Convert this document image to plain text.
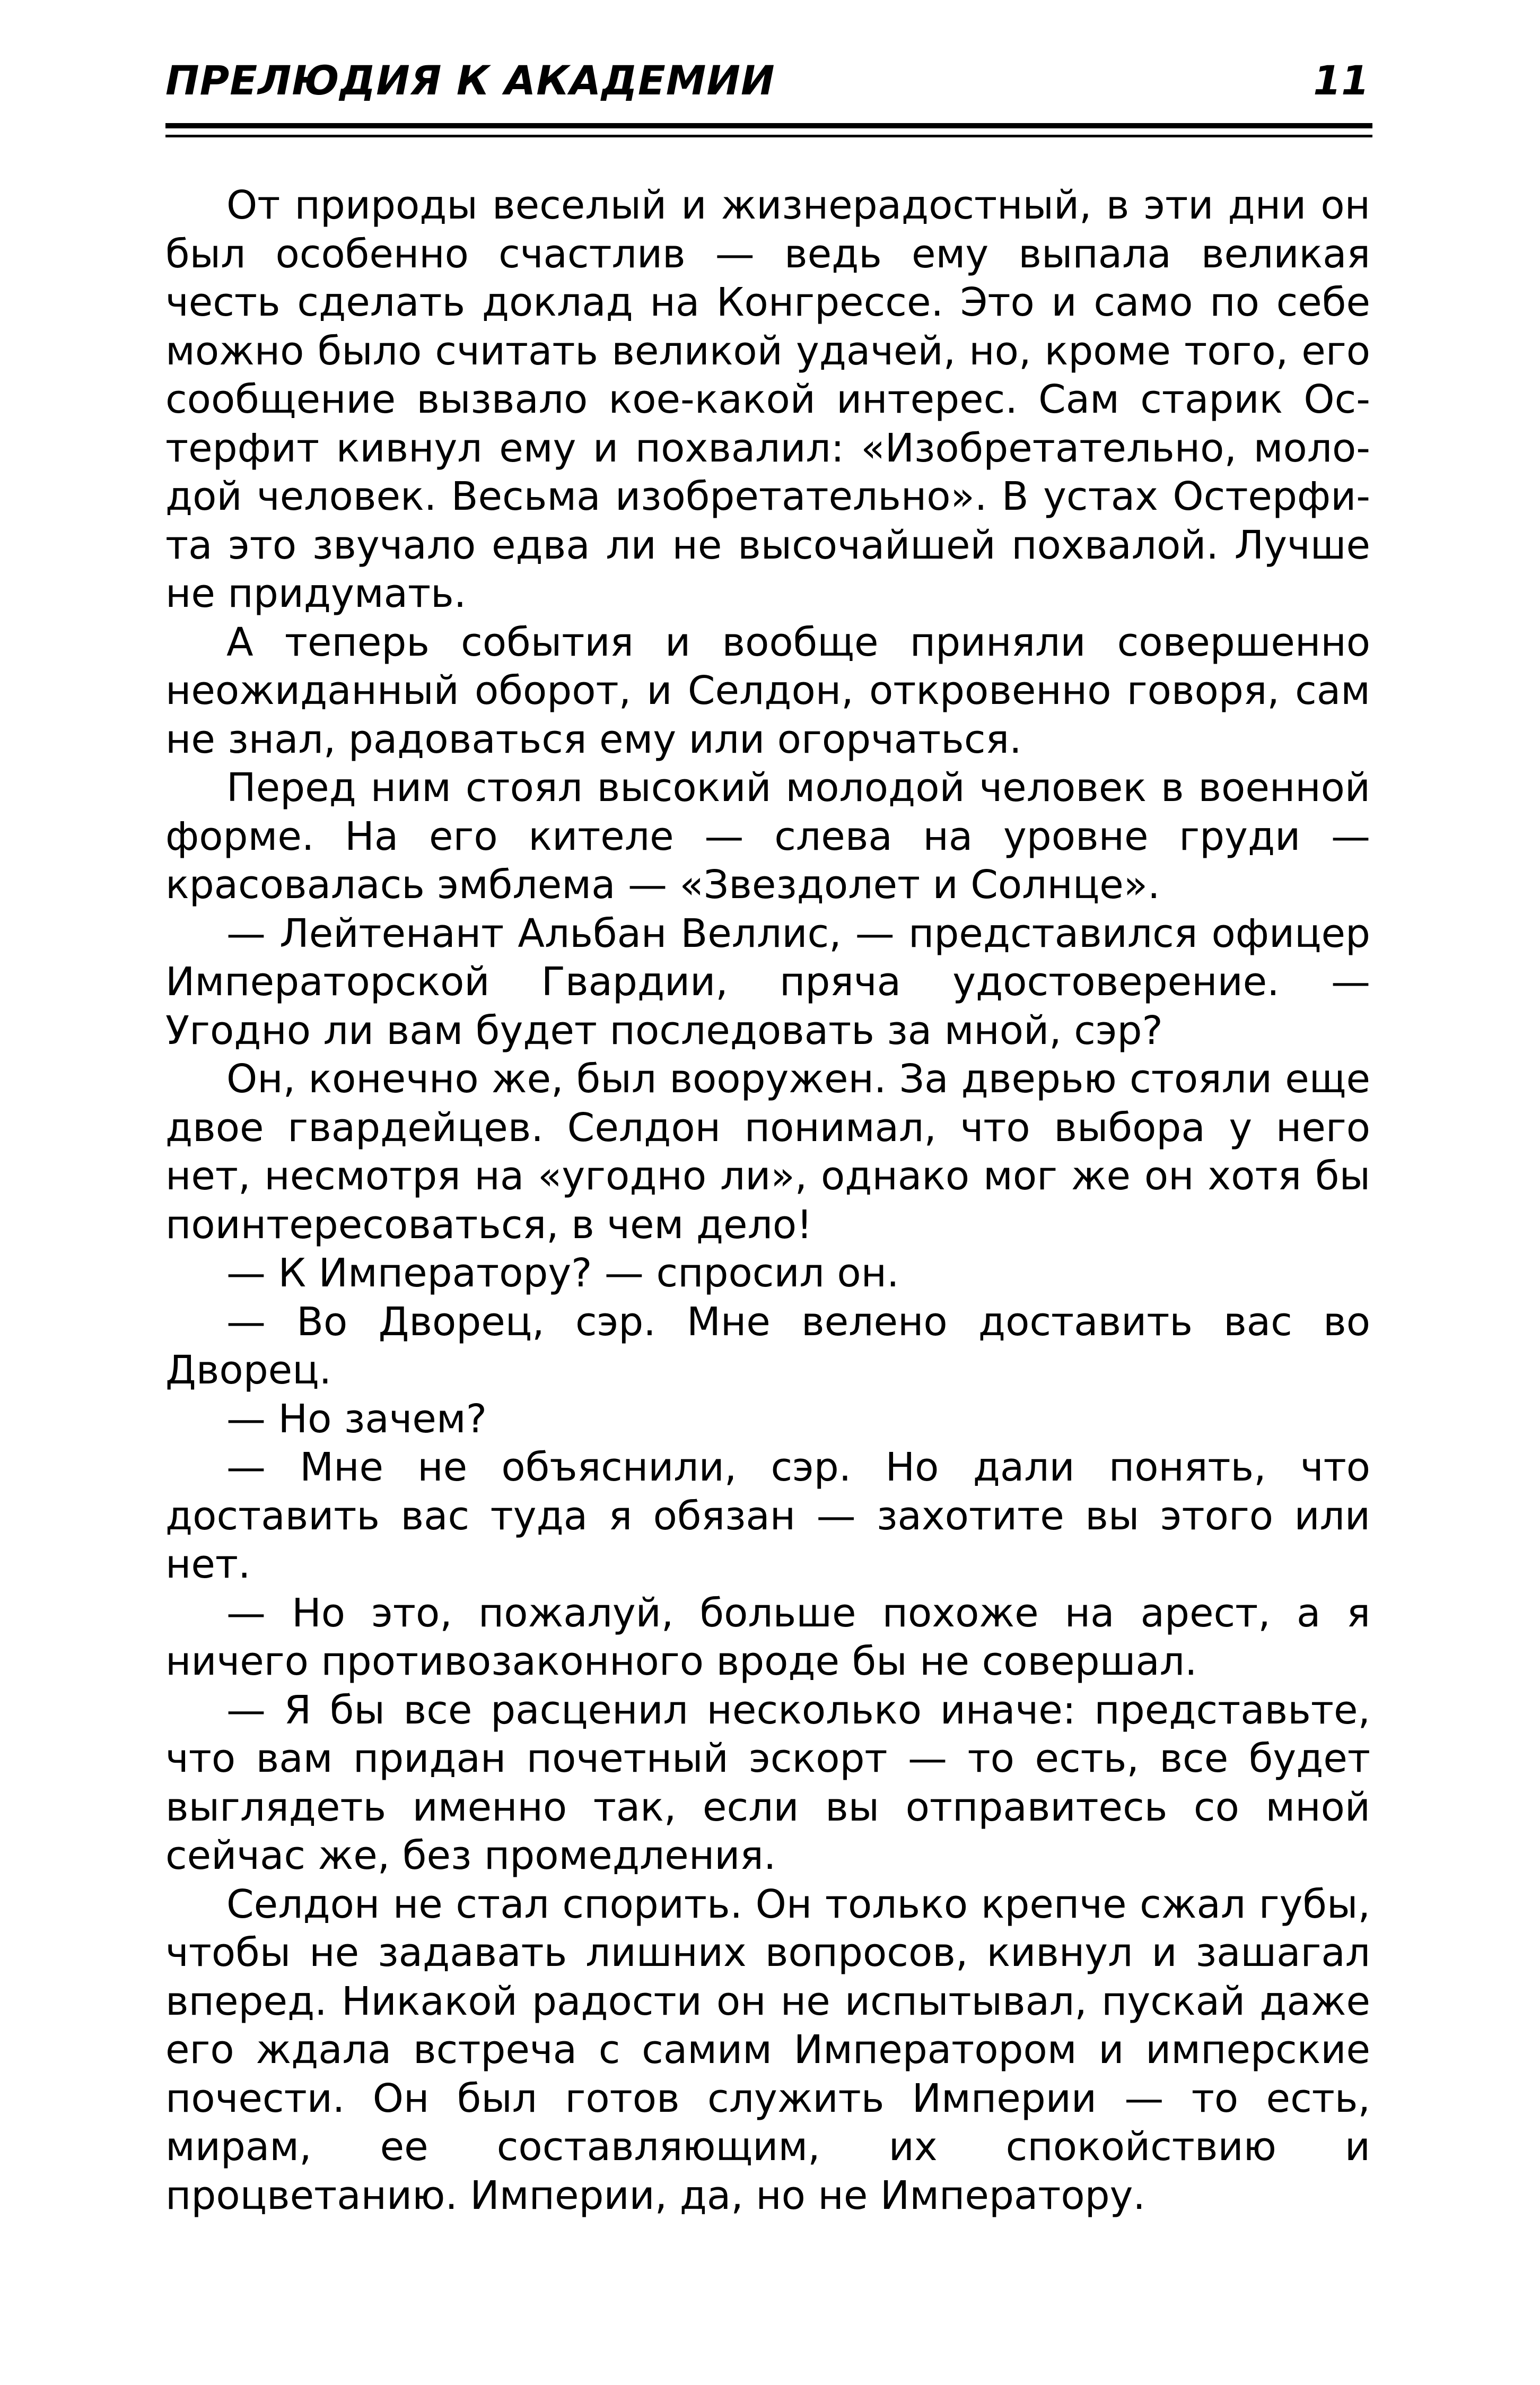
ПРЕЛЮДИЯ К АКАДЕМИИ	11

От природы веселый и жизнерадостный, в эти дни он был особенно счастлив — ведь ему выпала великая честь сделать доклад на Конгрессе. Это и само по себе можно было считать великой удачей, но, кроме того, его сообщение вызвало кое-какой интерес. Сам старик Остерфит кивнул ему и похвалил: «Изобретательно, молодой человек. Весьма изобретательно». В устах Остерфита это звучало едва ли не высочайшей похвалой. Лучше не придумать.

А теперь события и вообще приняли совершенно неожиданный оборот, и Селдон, откровенно говоря, сам не знал, радоваться ему или огорчаться.

Перед ним стоял высокий молодой человек в военной форме. На его кителе — слева на уровне груди — красовалась эмблема — «Звездолет и Солнце».

— Лейтенант Альбан Веллис, — представился офицер Императорской Гвардии, пряча удостоверение. — Угодно ли вам будет последовать за мной, сэр?

Он, конечно же, был вооружен. За дверью стояли еще двое гвардейцев. Селдон понимал, что выбора у него нет, несмотря на «угодно ли», однако мог же он хотя бы поинтересоваться, в чем дело!

— К Императору? — спросил он.

— Во Дворец, сэр. Мне велено доставить вас во Дворец.

— Но зачем?

— Мне не объяснили, сэр. Но дали понять, что доставить вас туда я обязан — захотите вы этого или нет.

— Но это, пожалуй, больше похоже на арест, а я ничего противозаконного вроде бы не совершал.

— Я бы все расценил несколько иначе: представьте, что вам придан почетный эскорт — то есть, все будет выглядеть именно так, если вы отправитесь со мной сейчас же, без промедления.

Селдон не стал спорить. Он только крепче сжал губы, чтобы не задавать лишних вопросов, кивнул и зашагал вперед. Никакой радости он не испытывал, пускай даже его ждала встреча с самим Императором и имперские почести. Он был готов служить Империи — то есть, мирам, ее составляющим, их спокойствию и процветанию. Империи, да, но не Императору.
